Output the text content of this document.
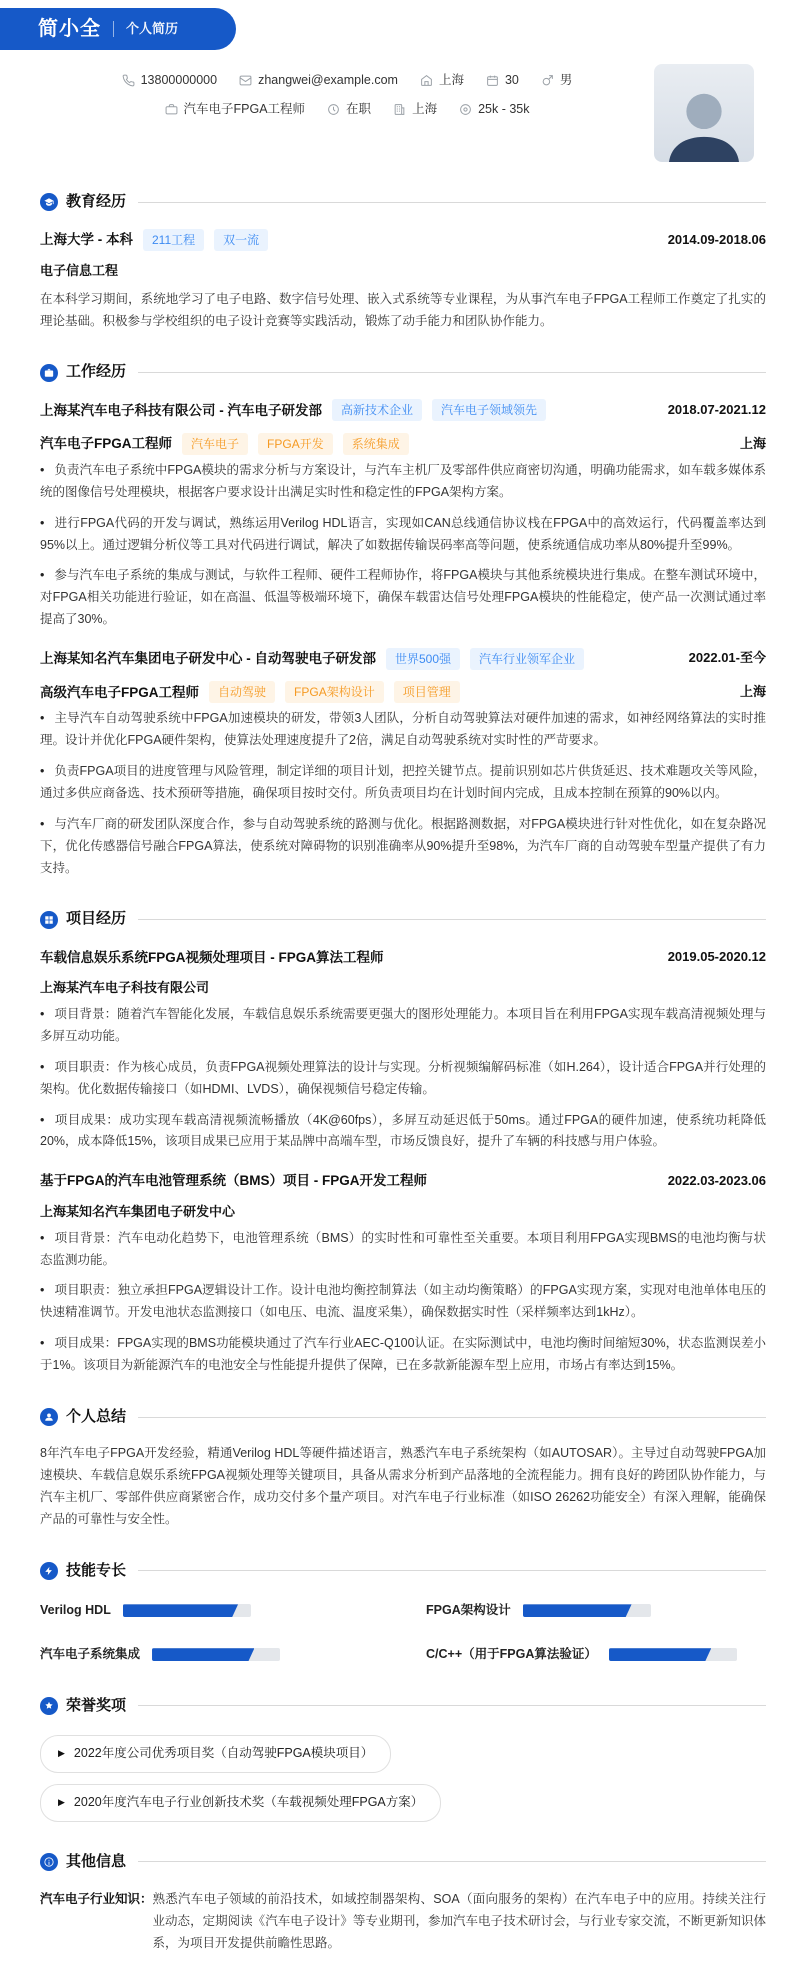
简小全 个人简历
13800000000	zhangwei@example.com	上海	30	男
汽车电子FPGA工程师	在职	上海	25k - 35k
教育经历
上海大学 - 本科	211工程	双一流	2014.09-2018.06
电子信息工程

在本科学习期间，系统地学习了电子电路、数字信号处理、嵌入式系统等专业课程，为从事汽车电子FPGA工程师工作奠定了扎实的理论基础。积极参与学校组织的电子设计竞赛等实践活动，锻炼了动手能力和团队协作能力。

工作经历
上海某汽车电子科技有限公司 - 汽车电子研发部	高新技术企业	汽车电子领域领先	2018.07-2021.12
汽车电子FPGA工程师	汽车电子	FPGA开发	系统集成	上海

• 负责汽车电子系统中FPGA模块的需求分析与方案设计，与汽车主机厂及零部件供应商密切沟通，明确功能需求，如车载多媒体系统的图像信号处理模块，根据客户要求设计出满足实时性和稳定性的FPGA架构方案。

• 进行FPGA代码的开发与调试，熟练运用Verilog HDL语言，实现如CAN总线通信协议栈在FPGA中的高效运行，代码覆盖率达到95%以上。通过逻辑分析仪等工具对代码进行调试，解决了如数据传输误码率高等问题，使系统通信成功率从80%提升至99%。

• 参与汽车电子系统的集成与测试，与软件工程师、硬件工程师协作，将FPGA模块与其他系统模块进行集成。在整车测试环境中，对FPGA相关功能进行验证，如在高温、低温等极端环境下，确保车载雷达信号处理FPGA模块的性能稳定，使产品一次测试通过率提高了30%。

上海某知名汽车集团电子研发中心 - 自动驾驶电子研发部	世界500强	汽车行业领军企业	2022.01-至今
高级汽车电子FPGA工程师	自动驾驶	FPGA架构设计	项目管理	上海

• 主导汽车自动驾驶系统中FPGA加速模块的研发，带领3人团队，分析自动驾驶算法对硬件加速的需求，如神经网络算法的实时推理。设计并优化FPGA硬件架构，使算法处理速度提升了2倍，满足自动驾驶系统对实时性的严苛要求。

• 负责FPGA项目的进度管理与风险管理，制定详细的项目计划，把控关键节点。提前识别如芯片供货延迟、技术难题攻关等风险，通过多供应商备选、技术预研等措施，确保项目按时交付。所负责项目均在计划时间内完成，且成本控制在预算的90%以内。

• 与汽车厂商的研发团队深度合作，参与自动驾驶系统的路测与优化。根据路测数据，对FPGA模块进行针对性优化，如在复杂路况下，优化传感器信号融合FPGA算法，使系统对障碍物的识别准确率从90%提升至98%，为汽车厂商的自动驾驶车型量产提供了有力支持。

项目经历
车载信息娱乐系统FPGA视频处理项目 - FPGA算法工程师	2019.05-2020.12
上海某汽车电子科技有限公司

• 项目背景：随着汽车智能化发展，车载信息娱乐系统需要更强大的图形处理能力。本项目旨在利用FPGA实现车载高清视频处理与多屏互动功能。

• 项目职责：作为核心成员，负责FPGA视频处理算法的设计与实现。分析视频编解码标准（如H.264），设计适合FPGA并行处理的架构。优化数据传输接口（如HDMI、LVDS），确保视频信号稳定传输。

• 项目成果：成功实现车载高清视频流畅播放（4K@60fps），多屏互动延迟低于50ms。通过FPGA的硬件加速，使系统功耗降低20%，成本降低15%，该项目成果已应用于某品牌中高端车型，市场反馈良好，提升了车辆的科技感与用户体验。

基于FPGA的汽车电池管理系统（BMS）项目 - FPGA开发工程师	2022.03-2023.06
上海某知名汽车集团电子研发中心

• 项目背景：汽车电动化趋势下，电池管理系统（BMS）的实时性和可靠性至关重要。本项目利用FPGA实现BMS的电池均衡与状态监测功能。

• 项目职责：独立承担FPGA逻辑设计工作。设计电池均衡控制算法（如主动均衡策略）的FPGA实现方案，实现对电池单体电压的快速精准调节。开发电池状态监测接口（如电压、电流、温度采集），确保数据实时性（采样频率达到1kHz）。

• 项目成果：FPGA实现的BMS功能模块通过了汽车行业AEC-Q100认证。在实际测试中，电池均衡时间缩短30%，状态监测误差小于1%。该项目为新能源汽车的电池安全与性能提升提供了保障，已在多款新能源车型上应用，市场占有率达到15%。

个人总结

8年汽车电子FPGA开发经验，精通Verilog HDL等硬件描述语言，熟悉汽车电子系统架构（如AUTOSAR）。主导过自动驾驶FPGA加速模块、车载信息娱乐系统FPGA视频处理等关键项目，具备从需求分析到产品落地的全流程能力。拥有良好的跨团队协作能力，与汽车主机厂、零部件供应商紧密合作，成功交付多个量产项目。对汽车电子行业标准（如ISO 26262功能安全）有深入理解，能确保产品的可靠性与安全性。

技能专长
Verilog HDL	FPGA架构设计
汽车电子系统集成	C/C++（用于FPGA算法验证）
荣誉奖项
▶ 2022年度公司优秀项目奖（自动驾驶FPGA模块项目）
▶ 2020年度汽车电子行业创新技术奖（车载视频处理FPGA方案）
其他信息
汽车电子行业知识： 熟悉汽车电子领域的前沿技术，如域控制器架构、SOA（面向服务的架构）在汽车电子中的应用。持续关注行业动态，定期阅读《汽车电子设计》等专业期刊，参加汽车电子技术研讨会，与行业专家交流，不断更新知识体系，为项目开发提供前瞻性思路。
